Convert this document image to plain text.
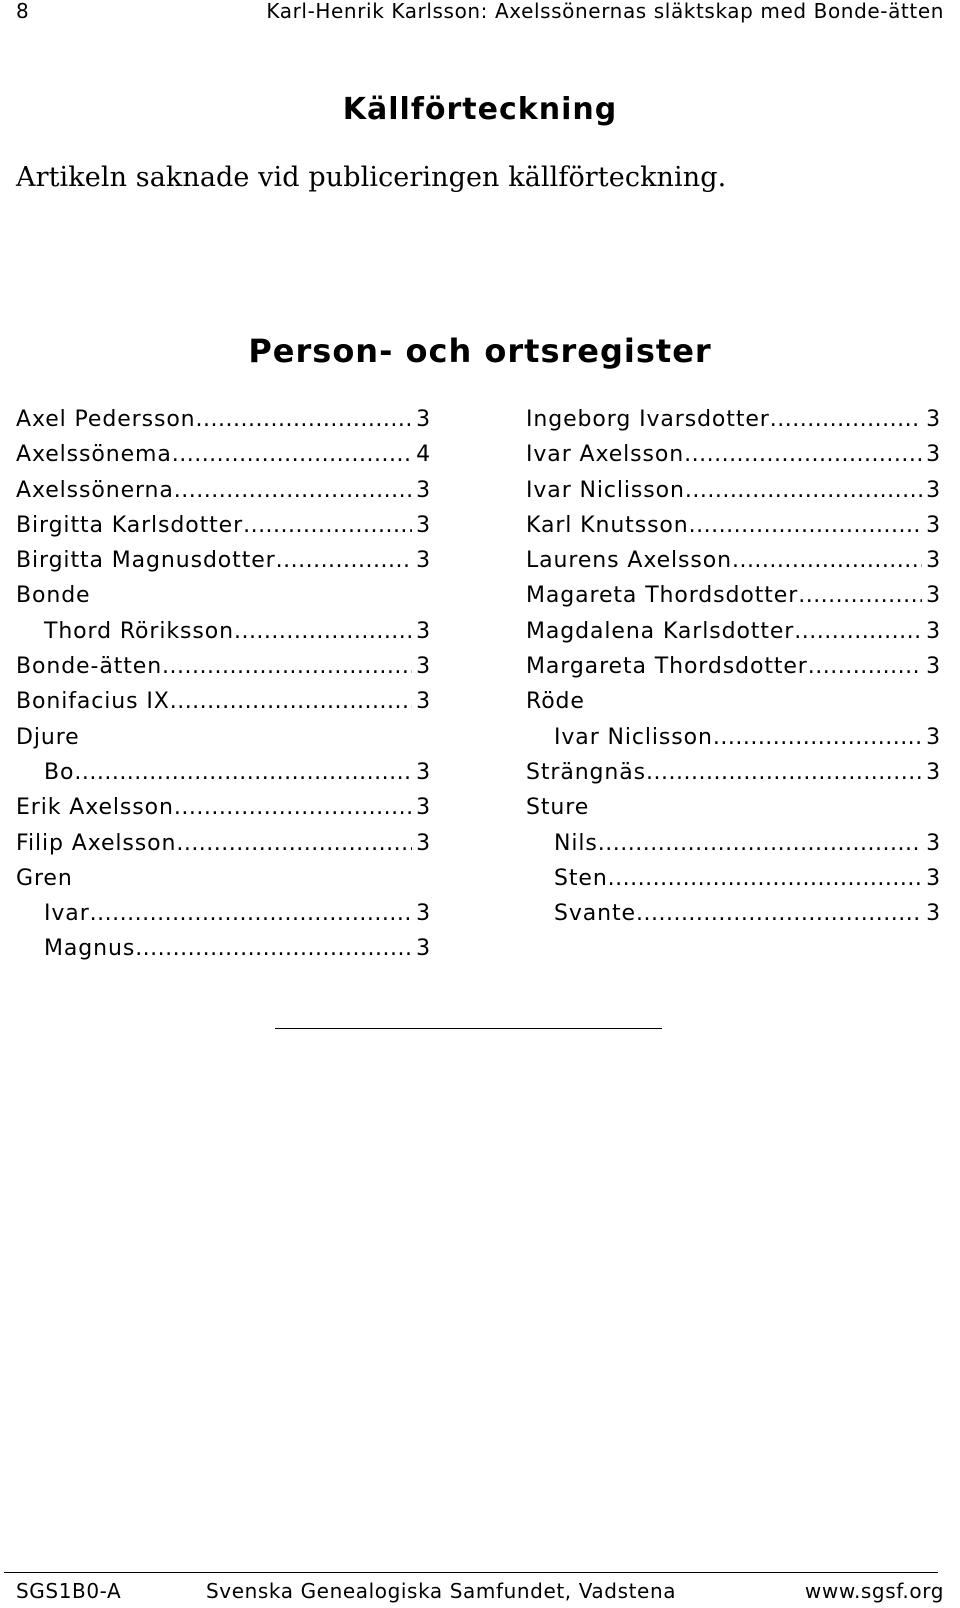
8	Karl-Henrik Karlsson: Axelssönernas släktskap med Bonde-ätten
Källförteckning
Artikeln saknade vid publiceringen källförteckning.
Person- och ortsregister
Axel Pedersson .....	3
Axelssönema .....	4
Axelssönerna .....	3
Birgitta Karlsdotter .....	3
Birgitta Magnusdotter .....	3
Bonde
Thord Röriksson .....	3
Bonde-ätten .....	3
Bonifacius IX .....	3
Djure
Bo .....	3
Erik Axelsson .....	3
Filip Axelsson .....	3
Gren
Ivar .....	3
Magnus .....	3
Ingeborg Ivarsdotter .....	3
Ivar Axelsson .....	3
Ivar Niclisson .....	3
Karl Knutsson .....	3
Laurens Axelsson .....	3
Magareta Thordsdotter .....	3
Magdalena Karlsdotter .....	3
Margareta Thordsdotter .....	3
Röde
Ivar Niclisson .....	3
Strängnäs .....	3
Sture
Nils .....	3
Sten .....	3
Svante .....	3
SGS1B0-A	Svenska Genealogiska Samfundet, Vadstena	www.sgsf.org
